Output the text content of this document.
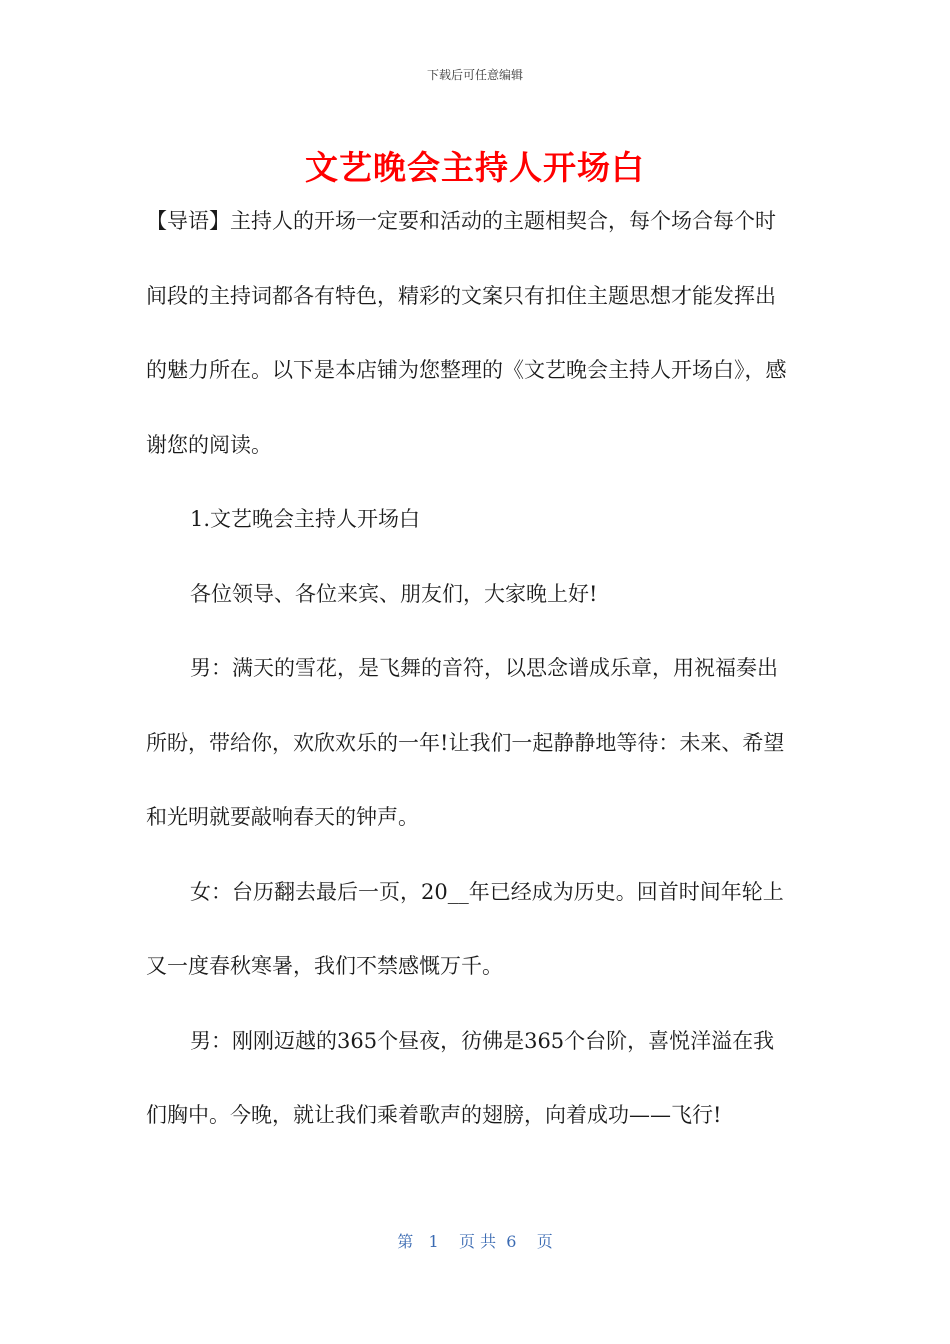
下载后可任意编辑
文艺晚会主持人开场白

【导语】主持人的开场一定要和活动的主题相契合，每个场合每个时间段的主持词都各有特色，精彩的文案只有扣住主题思想才能发挥出的魅力所在。以下是本店铺为您整理的《文艺晚会主持人开场白》，感谢您的阅读。

1.文艺晚会主持人开场白

各位领导、各位来宾、朋友们，大家晚上好!

男：满天的雪花，是飞舞的音符，以思念谱成乐章，用祝福奏出所盼，带给你，欢欣欢乐的一年!让我们一起静静地等待：未来、希望和光明就要敲响春天的钟声。

女：台历翻去最后一页，20__年已经成为历史。回首时间年轮上又一度春秋寒暑，我们不禁感慨万千。

男：刚刚迈越的365个昼夜，彷佛是365个台阶，喜悦洋溢在我们胸中。今晚，就让我们乘着歌声的翅膀，向着成功——飞行!

第   1    页 共  6    页
